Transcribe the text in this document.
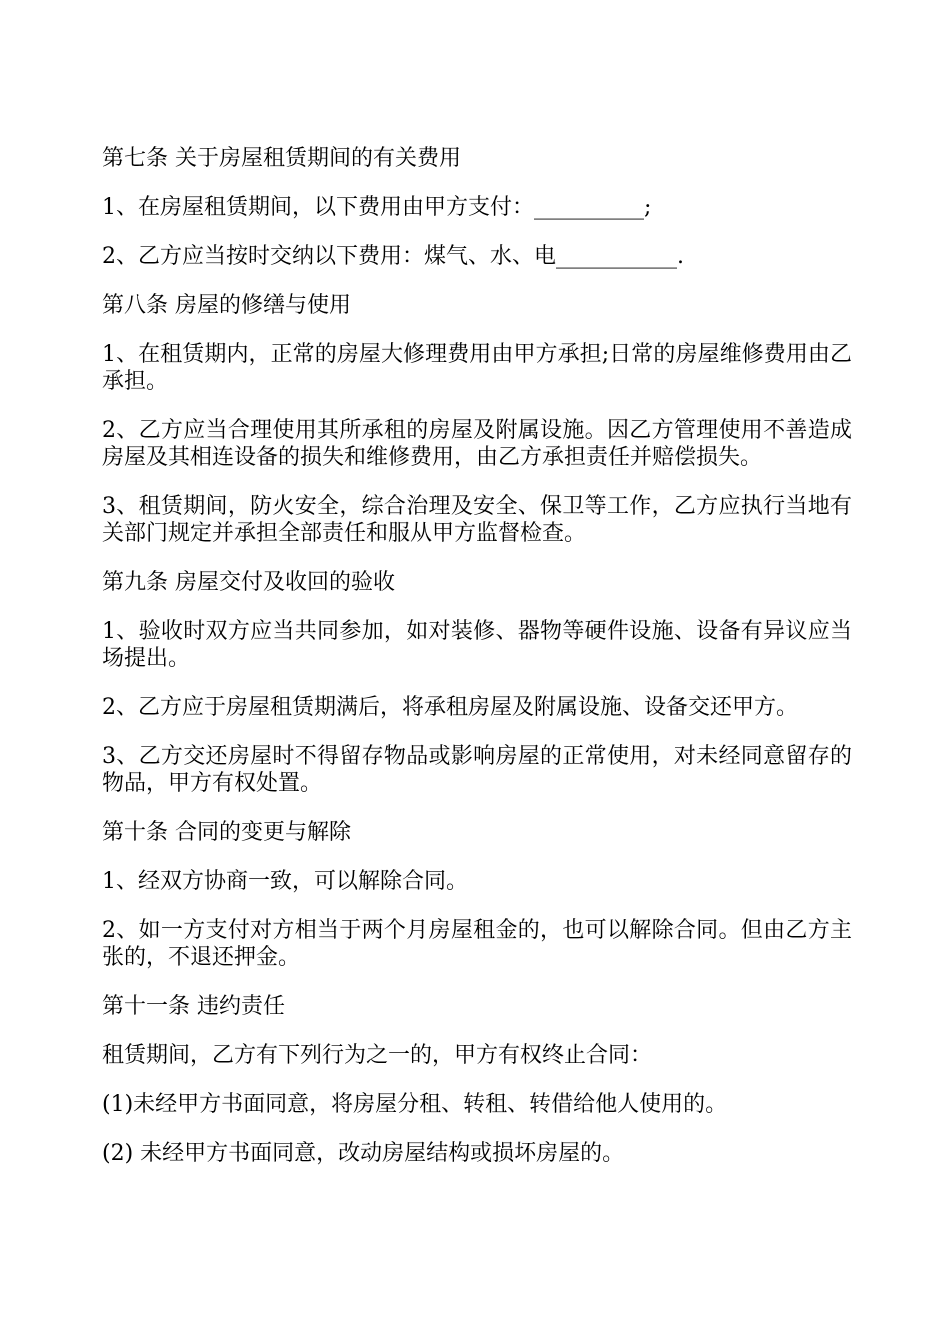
第七条 关于房屋租赁期间的有关费用

1、在房屋租赁期间，以下费用由甲方支付：__________;

2、乙方应当按时交纳以下费用：煤气、水、电___________.

第八条 房屋的修缮与使用

1、在租赁期内，正常的房屋大修理费用由甲方承担;日常的房屋维修费用由乙承担。

2、乙方应当合理使用其所承租的房屋及附属设施。因乙方管理使用不善造成房屋及其相连设备的损失和维修费用，由乙方承担责任并赔偿损失。

3、租赁期间，防火安全，综合治理及安全、保卫等工作，乙方应执行当地有关部门规定并承担全部责任和服从甲方监督检查。

第九条 房屋交付及收回的验收

1、验收时双方应当共同参加，如对装修、器物等硬件设施、设备有异议应当场提出。

2、乙方应于房屋租赁期满后，将承租房屋及附属设施、设备交还甲方。

3、乙方交还房屋时不得留存物品或影响房屋的正常使用，对未经同意留存的物品，甲方有权处置。

第十条 合同的变更与解除

1、经双方协商一致，可以解除合同。

2、如一方支付对方相当于两个月房屋租金的，也可以解除合同。但由乙方主张的，不退还押金。

第十一条 违约责任

租赁期间，乙方有下列行为之一的，甲方有权终止合同：

(1)未经甲方书面同意，将房屋分租、转租、转借给他人使用的。

(2) 未经甲方书面同意，改动房屋结构或损坏房屋的。
